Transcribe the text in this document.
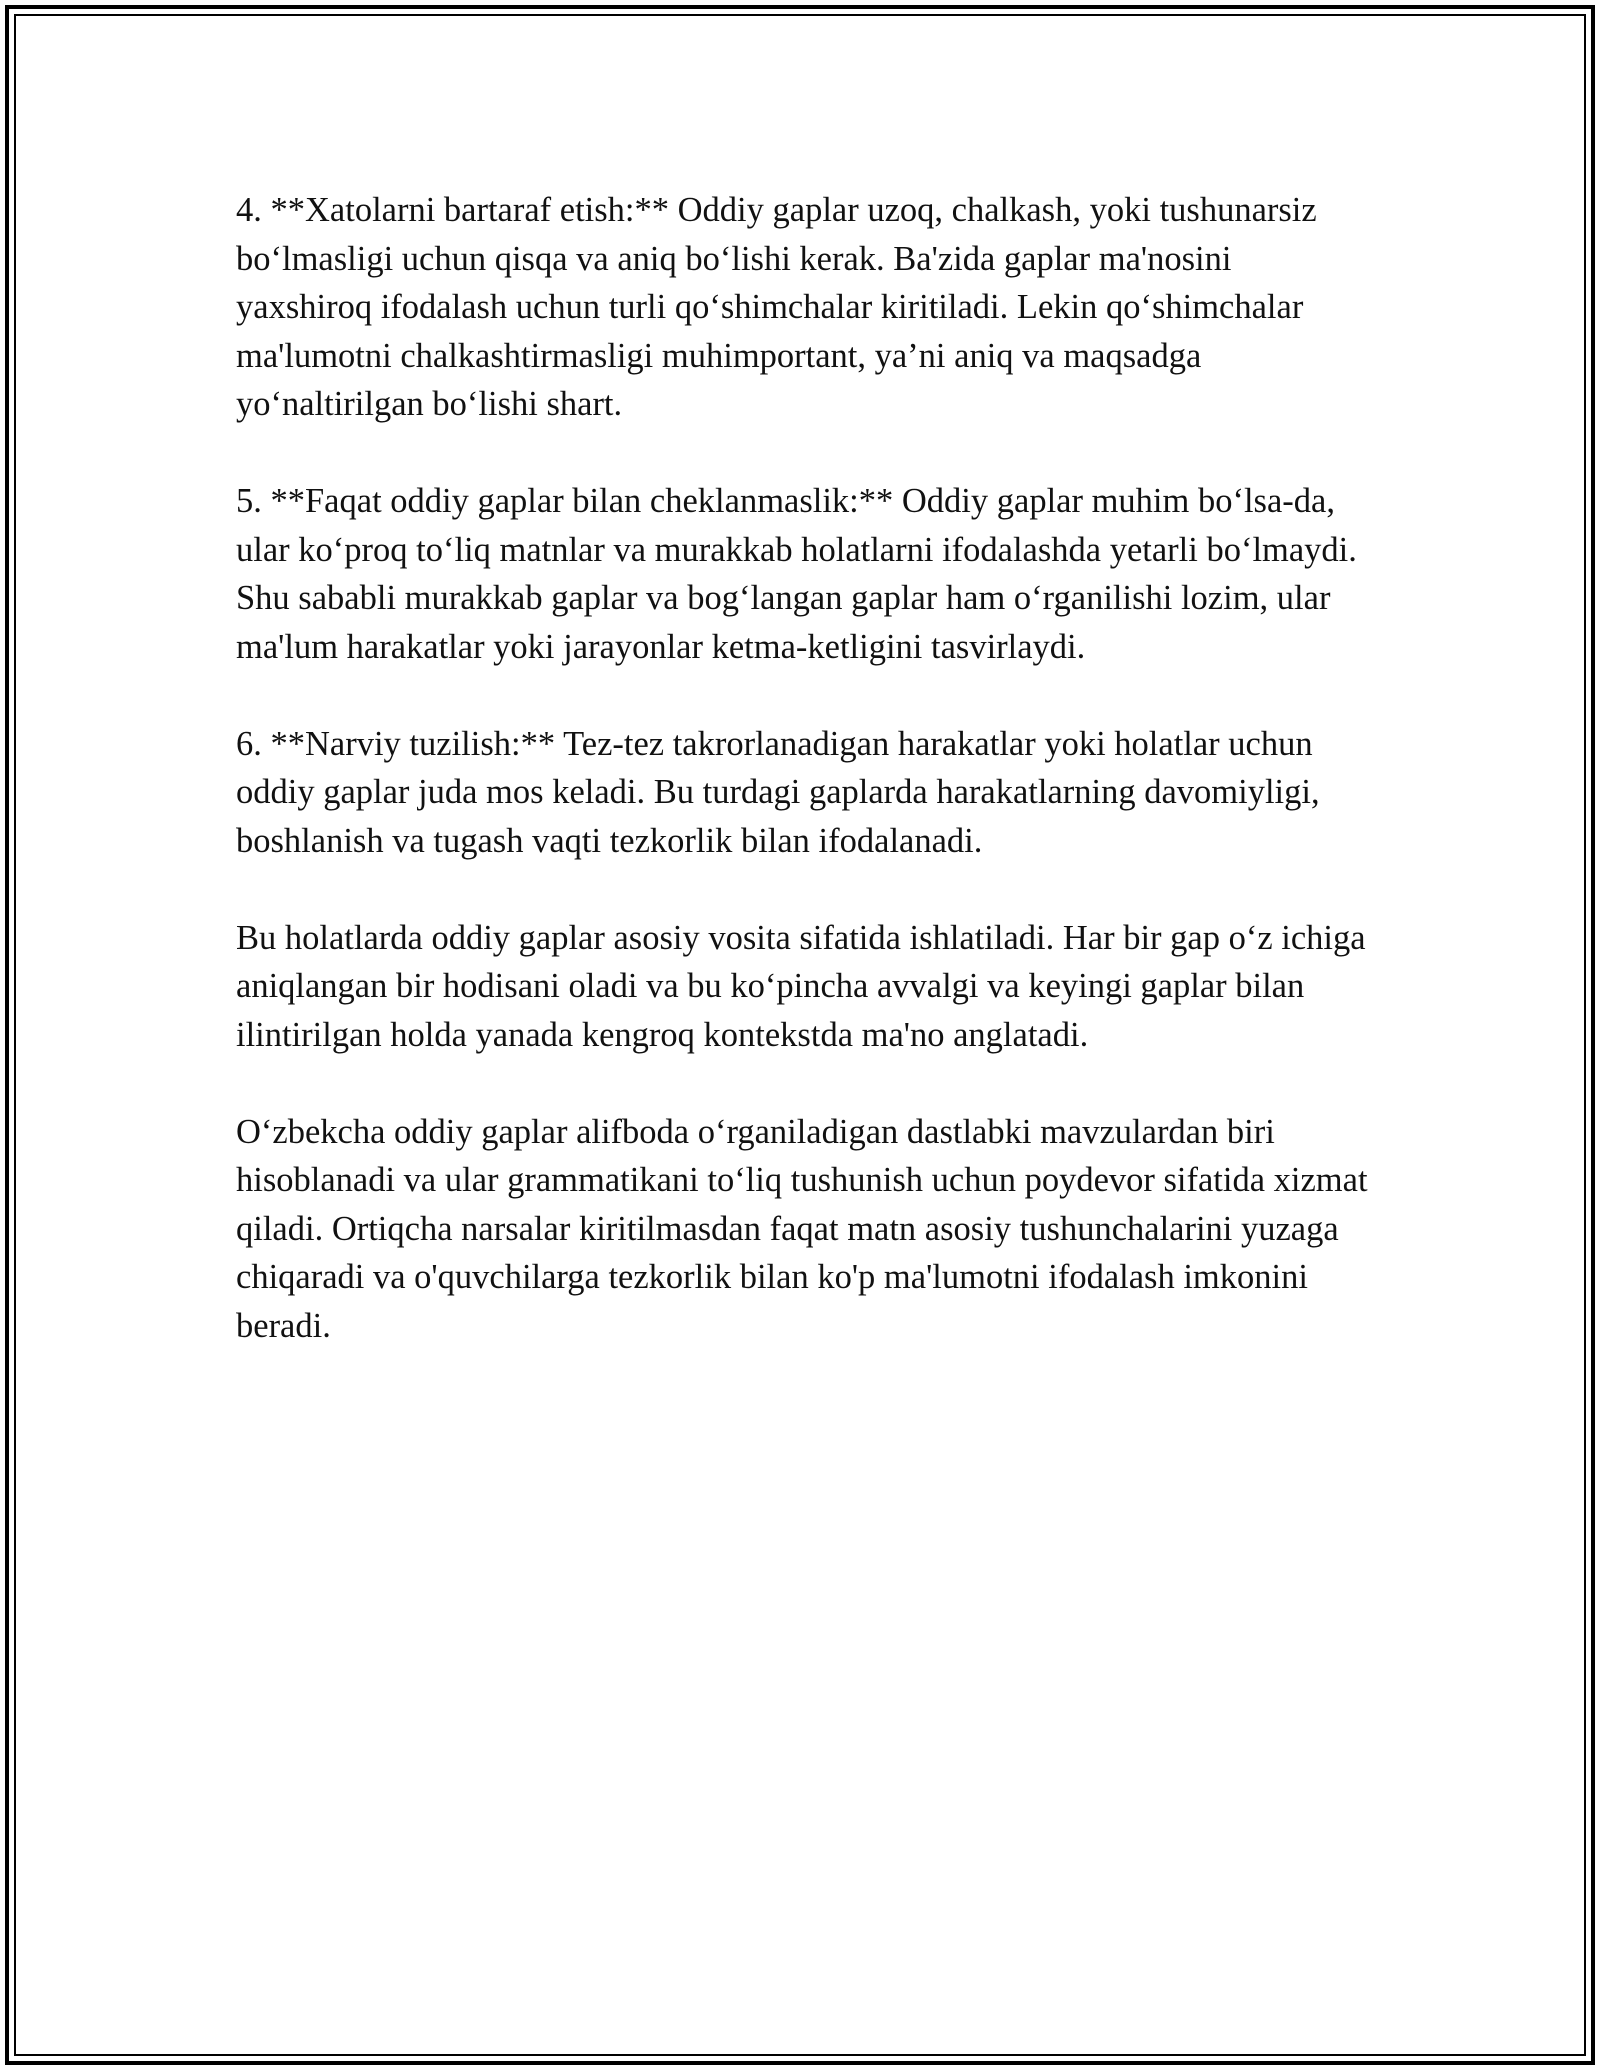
4. **Xatolarni bartaraf etish:** Oddiy gaplar uzoq, chalkash, yoki tushunarsiz bo‘lmasligi uchun qisqa va aniq bo‘lishi kerak. Ba'zida gaplar ma'nosini yaxshiroq ifodalash uchun turli qo‘shimchalar kiritiladi. Lekin qo‘shimchalar ma'lumotni chalkashtirmasligi muhimportant, ya’ni aniq va maqsadga yo‘naltirilgan bo‘lishi shart.

5. **Faqat oddiy gaplar bilan cheklanmaslik:** Oddiy gaplar muhim bo‘lsa-da, ular ko‘proq to‘liq matnlar va murakkab holatlarni ifodalashda yetarli bo‘lmaydi. Shu sababli murakkab gaplar va bog‘langan gaplar ham o‘rganilishi lozim, ular ma'lum harakatlar yoki jarayonlar ketma-ketligini tasvirlaydi.

6. **Narviy tuzilish:** Tez-tez takrorlanadigan harakatlar yoki holatlar uchun oddiy gaplar juda mos keladi. Bu turdagi gaplarda harakatlarning davomiyligi, boshlanish va tugash vaqti tezkorlik bilan ifodalanadi.

Bu holatlarda oddiy gaplar asosiy vosita sifatida ishlatiladi. Har bir gap o‘z ichiga aniqlangan bir hodisani oladi va bu ko‘pincha avvalgi va keyingi gaplar bilan ilintirilgan holda yanada kengroq kontekstda ma'no anglatadi.

O‘zbekcha oddiy gaplar alifboda o‘rganiladigan dastlabki mavzulardan biri hisoblanadi va ular grammatikani to‘liq tushunish uchun poydevor sifatida xizmat qiladi. Ortiqcha narsalar kiritilmasdan faqat matn asosiy tushunchalarini yuzaga chiqaradi va o'quvchilarga tezkorlik bilan ko'p ma'lumotni ifodalash imkonini beradi.
